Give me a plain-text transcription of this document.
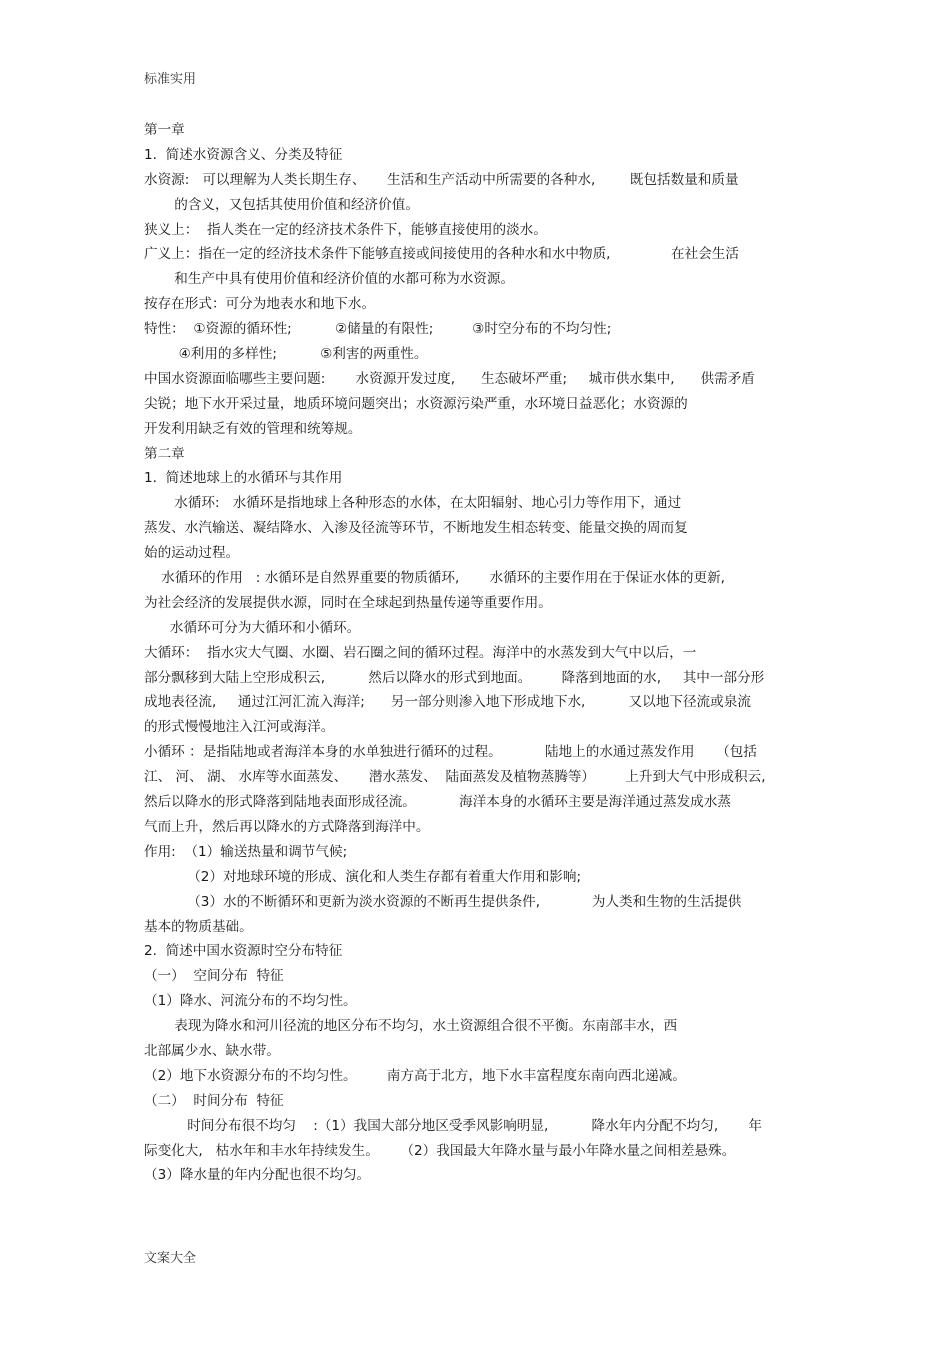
标准实用
第一章
1.  简述水资源含义、分类及特征
水资源:   可以理解为人类长期生存、     生活和生产活动中所需要的各种水,        既包括数量和质量
的含义，又包括其使用价值和经济价值。
狭义上：  指人类在一定的经济技术条件下，能够直接使用的淡水。
广义上：指在一定的经济技术条件下能够直接或间接使用的各种水和水中物质,              在社会生活
和生产中具有使用价值和经济价值的水都可称为水资源。
按存在形式：可分为地表水和地下水。
特性：  ①资源的循环性;          ②储量的有限性;         ③时空分布的不均匀性;
④利用的多样性;          ⑤利害的两重性。
中国水资源面临哪些主要问题:       水资源开发过度,      生态破坏严重;     城市供水集中,      供需矛盾
尖锐；地下水开采过量，地质环境问题突出；水资源污染严重，水环境日益恶化；水资源的
开发利用缺乏有效的管理和统筹规。
第二章
1.  简述地球上的水循环与其作用
水循环:   水循环是指地球上各种形态的水体，在太阳辐射、地心引力等作用下，通过
蒸发、水汽输送、凝结降水、入渗及径流等环节，不断地发生相态转变、能量交换的周而复
始的运动过程。
水循环的作用   : 水循环是自然界重要的物质循环,       水循环的主要作用在于保证水体的更新,
为社会经济的发展提供水源，同时在全球起到热量传递等重要作用。
水循环可分为大循环和小循环。
大循环：  指水灾大气圈、水圈、岩石圈之间的循环过程。海洋中的水蒸发到大气中以后，一
部分飘移到大陆上空形成积云,          然后以降水的形式到地面。       降落到地面的水,     其中一部分形
成地表径流,     通过江河汇流入海洋;      另一部分则渗入地下形成地下水,          又以地下径流或泉流
的形式慢慢地注入江河或海洋。
小循环 ：是指陆地或者海洋本身的水单独进行循环的过程。          陆地上的水通过蒸发作用     （包括
江、 河、 湖、 水库等水面蒸发、     潜水蒸发、  陆面蒸发及植物蒸腾等）       上升到大气中形成积云,
然后以降水的形式降落到陆地表面形成径流。          海洋本身的水循环主要是海洋通过蒸发成水蒸
气而上升，然后再以降水的方式降落到海洋中。
作用:  （1）输送热量和调节气候;
（2）对地球环境的形成、演化和人类生存都有着重大作用和影响;
（3）水的不断循环和更新为淡水资源的不断再生提供条件,            为人类和生物的生活提供
基本的物质基础。
2.  简述中国水资源时空分布特征
（一）  空间分布  特征
（1）降水、河流分布的不均匀性。
表现为降水和河川径流的地区分布不均匀，水土资源组合很不平衡。东南部丰水，西
北部属少水、缺水带。
（2）地下水资源分布的不均匀性。       南方高于北方，地下水丰富程度东南向西北递减。
（二）  时间分布  特征
时间分布很不均匀    :（1）我国大部分地区受季风影响明显,          降水年内分配不均匀,       年
际变化大,   枯水年和丰水年持续发生。     （2）我国最大年降水量与最小年降水量之间相差悬殊。
（3）降水量的年内分配也很不均匀。
文案大全
